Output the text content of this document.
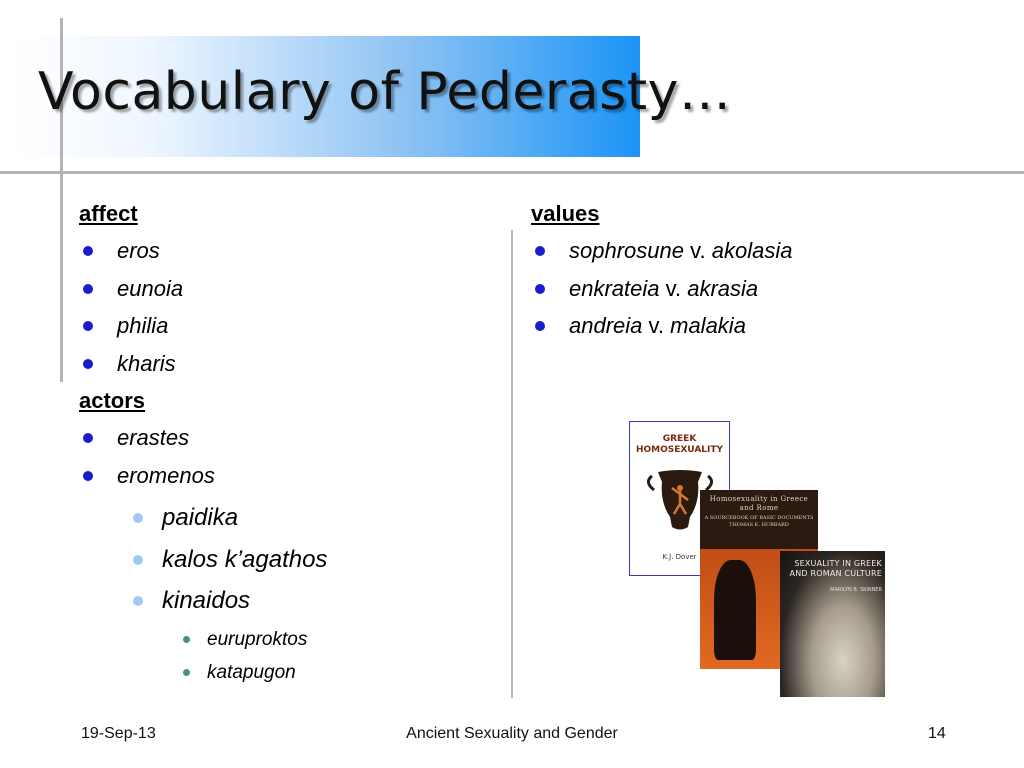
Vocabulary of Pederasty…
affect
eros
eunoia
philia
kharis
actors
erastes
eromenos
paidika
kalos k’agathos
kinaidos
euruproktos
katapugon
values
sophrosune v. akolasia
enkrateia v. akrasia
andreia v. malakia
GREEK HOMOSEXUALITY
K.J. Dover
Homosexuality in Greece and Rome
A SOURCEBOOK OF BASIC DOCUMENTS
THOMAS K. HUBBARD
SEXUALITY IN GREEK AND ROMAN CULTURE
MARILYN B. SKINNER
19-Sep-13	Ancient Sexuality and Gender	14
